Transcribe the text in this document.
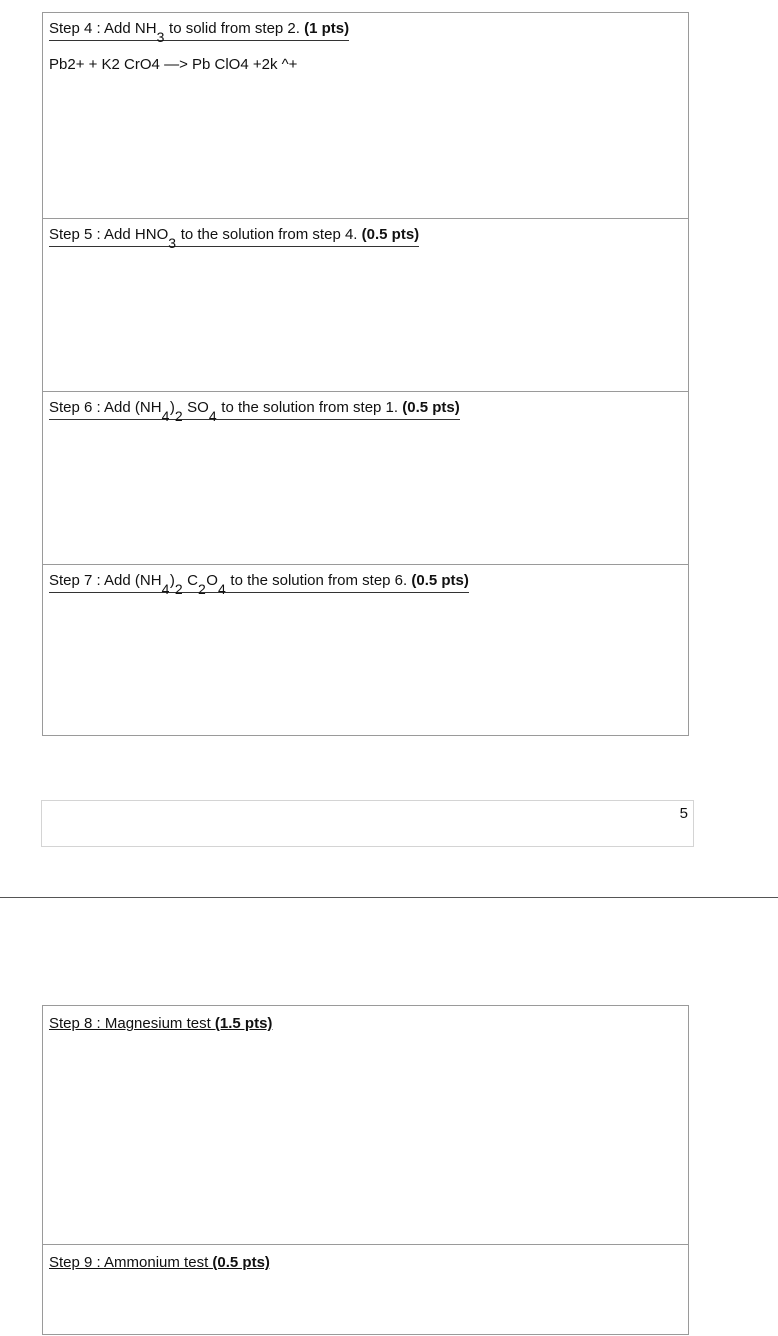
Step 4 : Add NH3 to solid from step 2. (1 pts)
Pb2+ + K2 CrO4 —> Pb ClO4 +2k ^+
Step 5 : Add HNO3 to the solution from step 4. (0.5 pts)
Step 6 : Add (NH4)2 SO4 to the solution from step 1. (0.5 pts)
Step 7 : Add (NH4)2 C2O4 to the solution from step 6. (0.5 pts)
5
Step 8 : Magnesium test (1.5 pts)
Step 9 : Ammonium test (0.5 pts)
